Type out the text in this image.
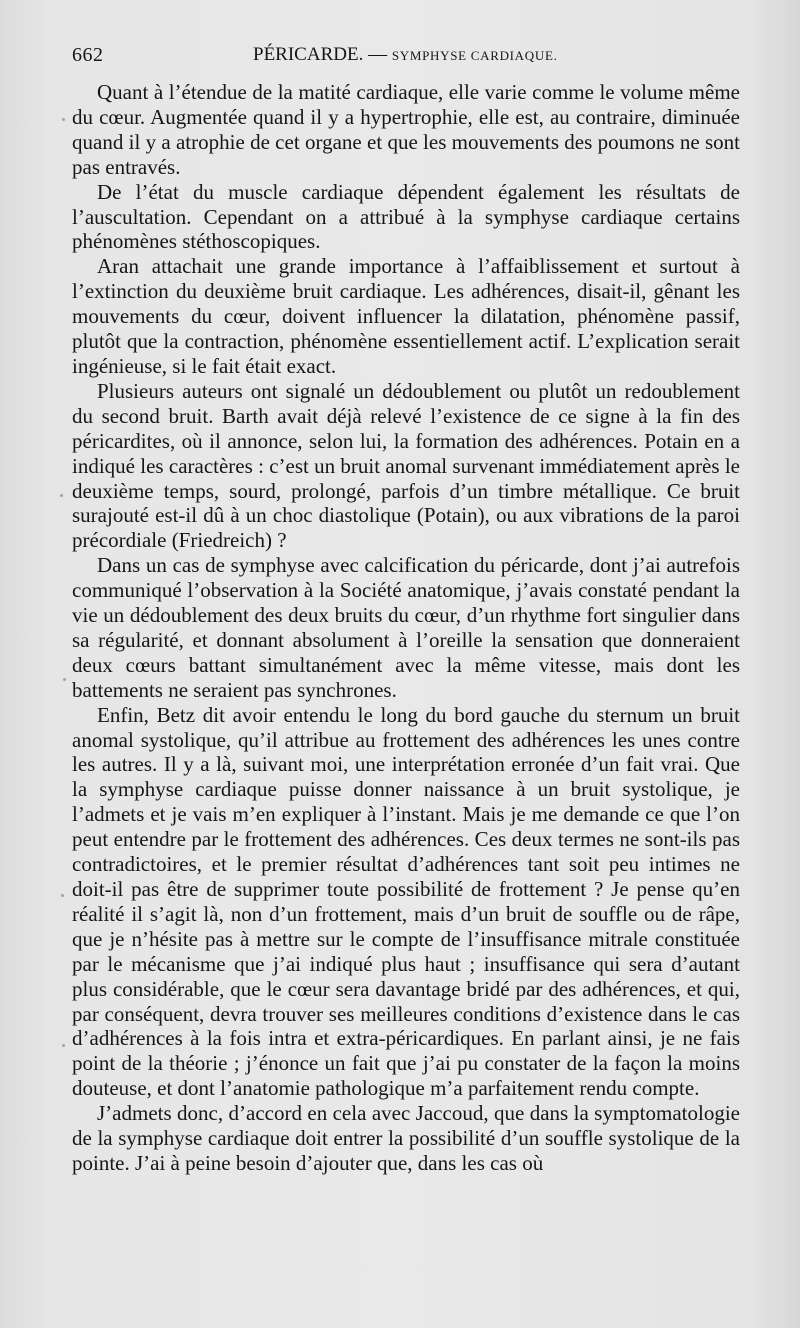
662	PÉRICARDE. — SYMPHYSE CARDIAQUE.

Quant à l’étendue de la matité cardiaque, elle varie comme le volume même du cœur. Augmentée quand il y a hypertrophie, elle est, au contraire, diminuée quand il y a atrophie de cet organe et que les mouvements des poumons ne sont pas entravés.

De l’état du muscle cardiaque dépendent également les résultats de l’auscultation. Cependant on a attribué à la symphyse cardiaque certains phénomènes stéthoscopiques.

Aran attachait une grande importance à l’affaiblissement et surtout à l’extinction du deuxième bruit cardiaque. Les adhérences, disait-il, gênant les mouvements du cœur, doivent influencer la dilatation, phénomène passif, plutôt que la contraction, phénomène essentiellement actif. L’explication serait ingénieuse, si le fait était exact.

Plusieurs auteurs ont signalé un dédoublement ou plutôt un redoublement du second bruit. Barth avait déjà relevé l’existence de ce signe à la fin des péricardites, où il annonce, selon lui, la formation des adhérences. Potain en a indiqué les caractères : c’est un bruit anomal survenant immédiatement après le deuxième temps, sourd, prolongé, parfois d’un timbre métallique. Ce bruit surajouté est-il dû à un choc diastolique (Potain), ou aux vibrations de la paroi précordiale (Friedreich) ?

Dans un cas de symphyse avec calcification du péricarde, dont j’ai autrefois communiqué l’observation à la Société anatomique, j’avais constaté pendant la vie un dédoublement des deux bruits du cœur, d’un rhythme fort singulier dans sa régularité, et donnant absolument à l’oreille la sensation que donneraient deux cœurs battant simultanément avec la même vitesse, mais dont les battements ne seraient pas synchrones.

Enfin, Betz dit avoir entendu le long du bord gauche du sternum un bruit anomal systolique, qu’il attribue au frottement des adhérences les unes contre les autres. Il y a là, suivant moi, une interprétation erronée d’un fait vrai. Que la symphyse cardiaque puisse donner naissance à un bruit systolique, je l’admets et je vais m’en expliquer à l’instant. Mais je me demande ce que l’on peut entendre par le frottement des adhérences. Ces deux termes ne sont-ils pas contradictoires, et le premier résultat d’adhérences tant soit peu intimes ne doit-il pas être de supprimer toute possibilité de frottement ? Je pense qu’en réalité il s’agit là, non d’un frottement, mais d’un bruit de souffle ou de râpe, que je n’hésite pas à mettre sur le compte de l’insuffisance mitrale constituée par le mécanisme que j’ai indiqué plus haut ; insuffisance qui sera d’autant plus considérable, que le cœur sera davantage bridé par des adhérences, et qui, par conséquent, devra trouver ses meilleures conditions d’existence dans le cas d’adhérences à la fois intra et extra-péricardiques. En parlant ainsi, je ne fais point de la théorie ; j’énonce un fait que j’ai pu constater de la façon la moins douteuse, et dont l’anatomie pathologique m’a parfaitement rendu compte.

J’admets donc, d’accord en cela avec Jaccoud, que dans la symptomatologie de la symphyse cardiaque doit entrer la possibilité d’un souffle systolique de la pointe. J’ai à peine besoin d’ajouter que, dans les cas où
